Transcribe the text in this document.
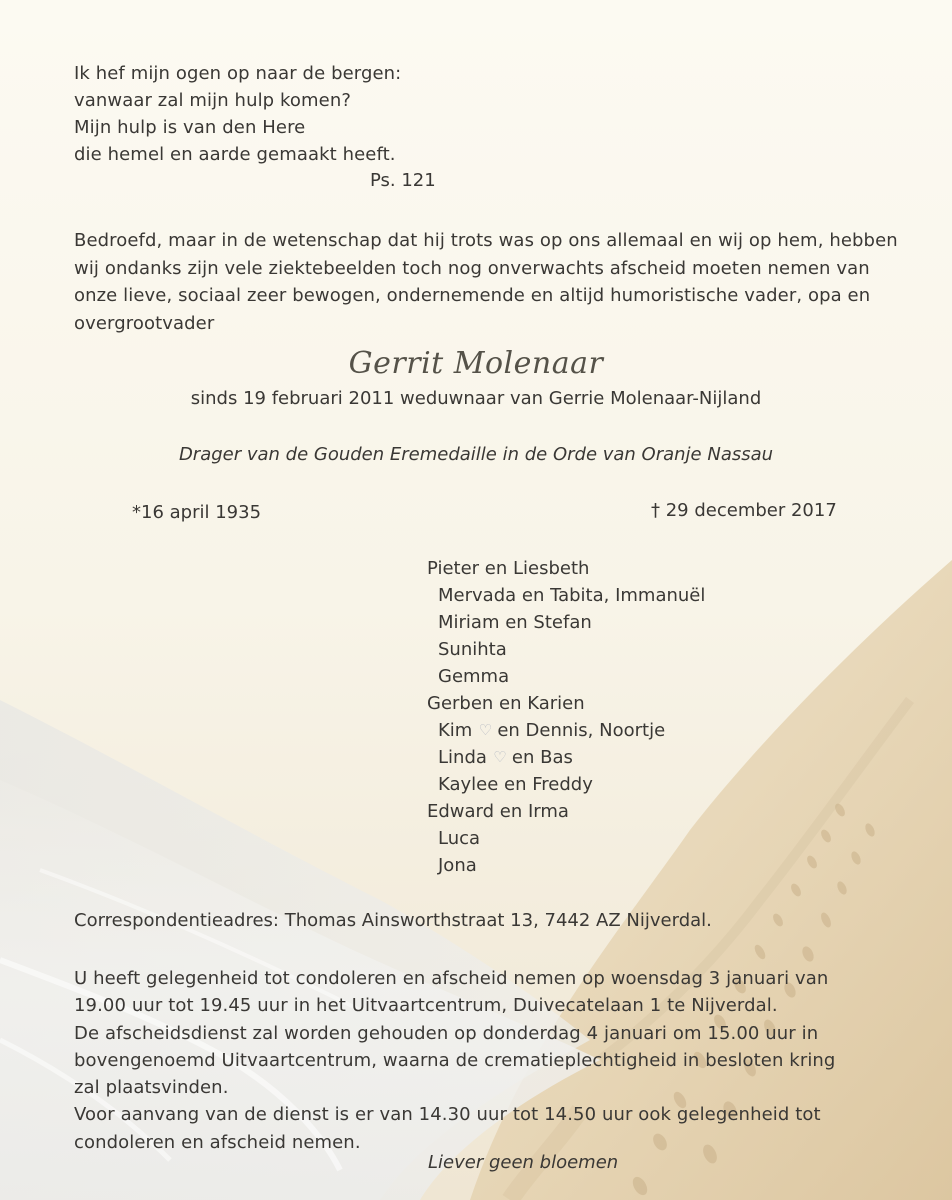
Ik hef mijn ogen op naar de bergen:
vanwaar zal mijn hulp komen?
Mijn hulp is van den Here
die hemel en aarde gemaakt heeft.
Ps. 121
Bedroefd, maar in de wetenschap dat hij trots was op ons allemaal en wij op hem, hebben
wij ondanks zijn vele ziektebeelden toch nog onverwachts afscheid moeten nemen van
onze lieve, sociaal zeer bewogen, ondernemende en altijd humoristische vader, opa en
overgrootvader
Gerrit Molenaar
sinds 19 februari 2011 weduwnaar van Gerrie Molenaar-Nijland
Drager van de Gouden Eremedaille in de Orde van Oranje Nassau
*16 april 1935	† 29 december 2017
Pieter en Liesbeth
Mervada en Tabita, Immanuël
Miriam en Stefan
Sunihta
Gemma
Gerben en Karien
Kim ♡ en Dennis, Noortje
Linda ♡ en Bas
Kaylee en Freddy
Edward en Irma
Luca
Jona
Correspondentieadres: Thomas Ainsworthstraat 13, 7442 AZ Nijverdal.
U heeft gelegenheid tot condoleren en afscheid nemen op woensdag 3 januari van
19.00 uur tot 19.45 uur in het Uitvaartcentrum, Duivecatelaan 1 te Nijverdal.
De afscheidsdienst zal worden gehouden op donderdag 4 januari om 15.00 uur in
bovengenoemd Uitvaartcentrum, waarna de crematieplechtigheid in besloten kring
zal plaatsvinden.
Voor aanvang van de dienst is er van 14.30 uur tot 14.50 uur ook gelegenheid tot
condoleren en afscheid nemen.
Liever geen bloemen
